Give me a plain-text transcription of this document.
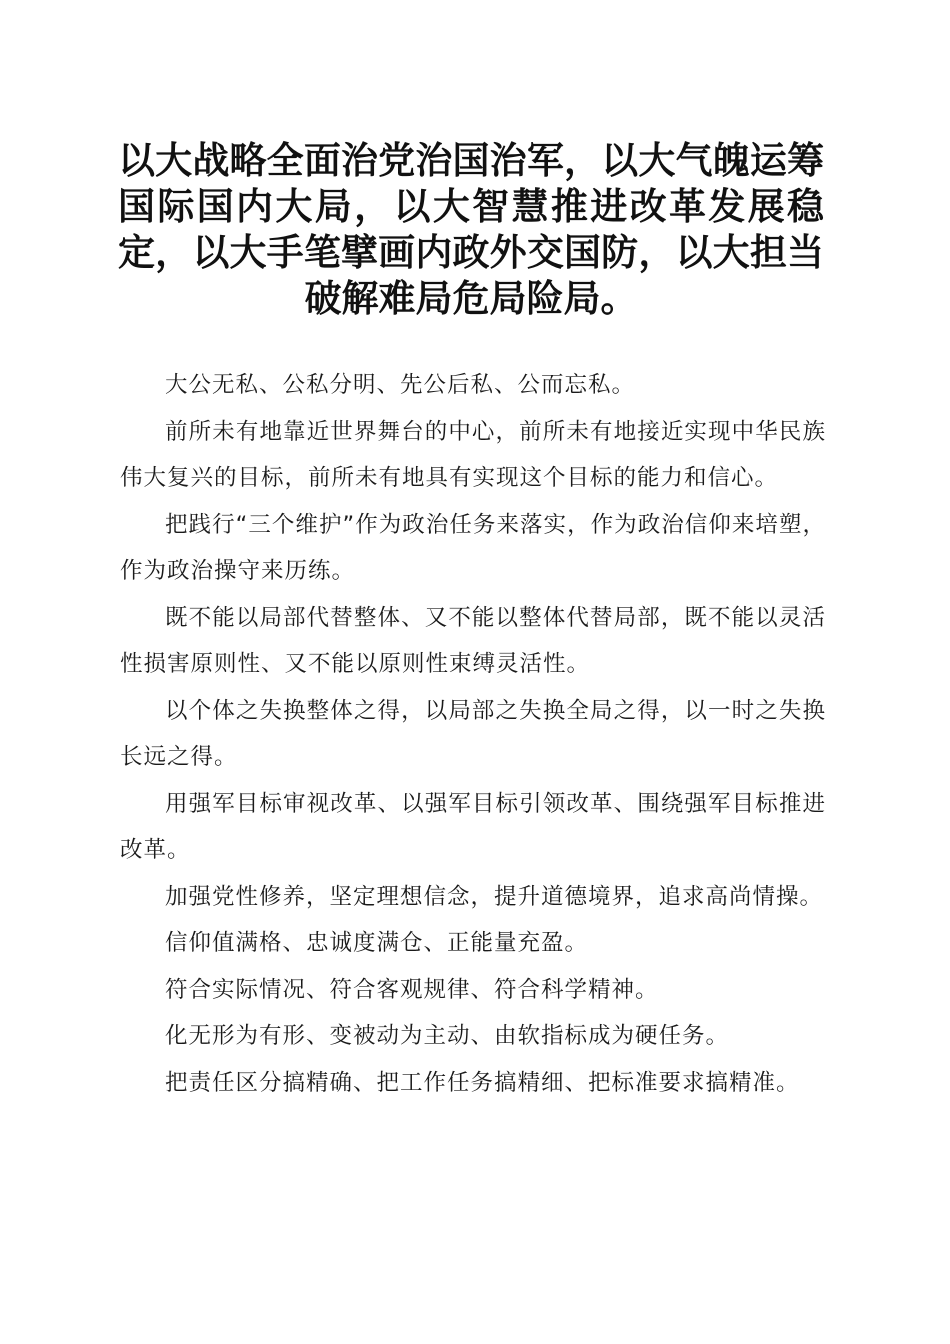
以大战略全面治党治国治军，以大气魄运筹国际国内大局，以大智慧推进改革发展稳定，以大手笔擘画内政外交国防，以大担当破解难局危局险局。

大公无私、公私分明、先公后私、公而忘私。

前所未有地靠近世界舞台的中心，前所未有地接近实现中华民族伟大复兴的目标，前所未有地具有实现这个目标的能力和信心。

把践行“三个维护”作为政治任务来落实，作为政治信仰来培塑，作为政治操守来历练。

既不能以局部代替整体、又不能以整体代替局部，既不能以灵活性损害原则性、又不能以原则性束缚灵活性。

以个体之失换整体之得，以局部之失换全局之得，以一时之失换长远之得。

用强军目标审视改革、以强军目标引领改革、围绕强军目标推进改革。

加强党性修养，坚定理想信念，提升道德境界，追求高尚情操。

信仰值满格、忠诚度满仓、正能量充盈。

符合实际情况、符合客观规律、符合科学精神。

化无形为有形、变被动为主动、由软指标成为硬任务。

把责任区分搞精确、把工作任务搞精细、把标准要求搞精准。
